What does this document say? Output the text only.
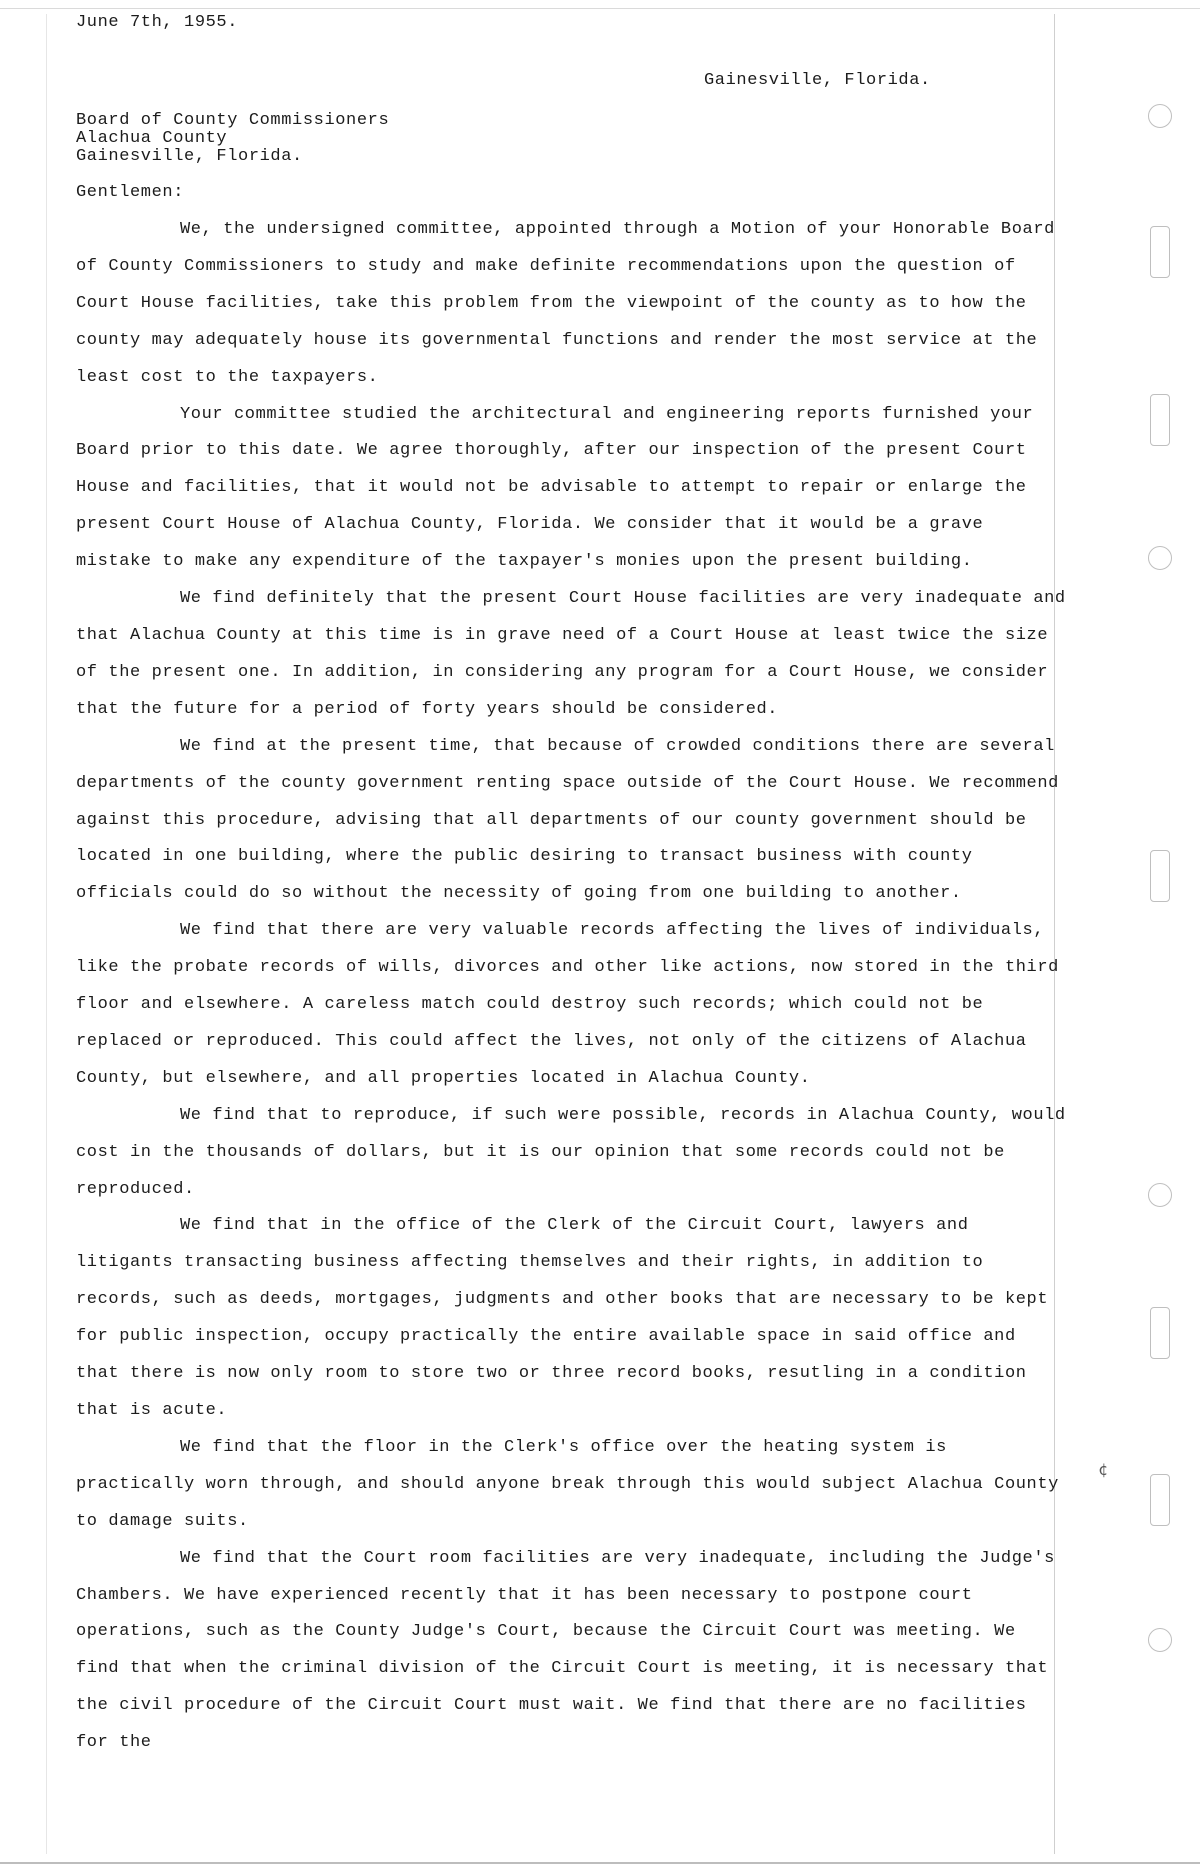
¢
June 7th, 1955.
Gainesville, Florida.
Board of County Commissioners
Alachua County
Gainesville, Florida.
Gentlemen:

We, the undersigned committee, appointed through a Motion of your Honorable Board of County Commissioners to study and make definite recommendations upon the question of Court House facilities, take this problem from the viewpoint of the county as to how the county may adequately house its governmental functions and render the most service at the least cost to the taxpayers.

Your committee studied the architectural and engineering reports furnished your Board prior to this date. We agree thoroughly, after our inspection of the present Court House and facilities, that it would not be advisable to attempt to repair or enlarge the present Court House of Alachua County, Florida. We consider that it would be a grave mistake to make any expenditure of the taxpayer's monies upon the present building.

We find definitely that the present Court House facilities are very inadequate and that Alachua County at this time is in grave need of a Court House at least twice the size of the present one. In addition, in considering any program for a Court House, we consider that the future for a period of forty years should be considered.

We find at the present time, that because of crowded conditions there are several departments of the county government renting space outside of the Court House. We recommend against this procedure, advising that all departments of our county government should be located in one building, where the public desiring to transact business with county officials could do so without the necessity of going from one building to another.

We find that there are very valuable records affecting the lives of individuals, like the probate records of wills, divorces and other like actions, now stored in the third floor and elsewhere. A careless match could destroy such records; which could not be replaced or reproduced. This could affect the lives, not only of the citizens of Alachua County, but elsewhere, and all properties located in Alachua County.

We find that to reproduce, if such were possible, records in Alachua County, would cost in the thousands of dollars, but it is our opinion that some records could not be reproduced.

We find that in the office of the Clerk of the Circuit Court, lawyers and litigants transacting business affecting themselves and their rights, in addition to records, such as deeds, mortgages, judgments and other books that are necessary to be kept for public inspection, occupy practically the entire available space in said office and that there is now only room to store two or three record books, resutling in a condition that is acute.

We find that the floor in the Clerk's office over the heating system is practically worn through, and should anyone break through this would subject Alachua County to damage suits.

We find that the Court room facilities are very inadequate, including the Judge's Chambers. We have experienced recently that it has been necessary to postpone court operations, such as the County Judge's Court, because the Circuit Court was meeting. We find that when the criminal division of the Circuit Court is meeting, it is necessary that the civil procedure of the Circuit Court must wait. We find that there are no facilities for the
